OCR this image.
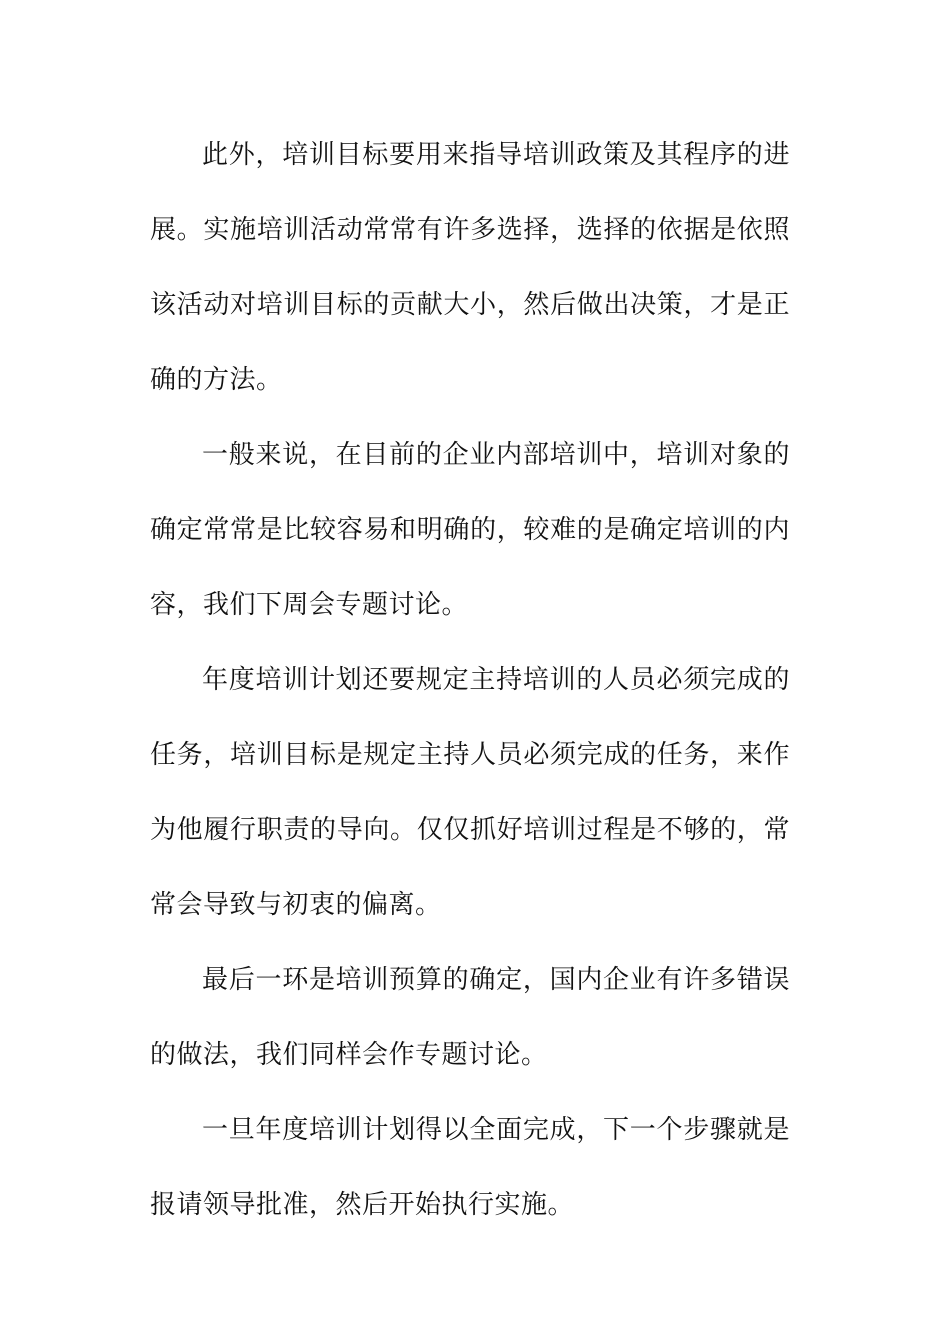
此外，培训目标要用来指导培训政策及其程序的进展。实施培训活动常常有许多选择，选择的依据是依照该活动对培训目标的贡献大小，然后做出决策，才是正确的方法。

一般来说，在目前的企业内部培训中，培训对象的确定常常是比较容易和明确的，较难的是确定培训的内容，我们下周会专题讨论。

年度培训计划还要规定主持培训的人员必须完成的任务，培训目标是规定主持人员必须完成的任务，来作为他履行职责的导向。仅仅抓好培训过程是不够的，常常会导致与初衷的偏离。

最后一环是培训预算的确定，国内企业有许多错误的做法，我们同样会作专题讨论。

一旦年度培训计划得以全面完成，下一个步骤就是报请领导批准，然后开始执行实施。
